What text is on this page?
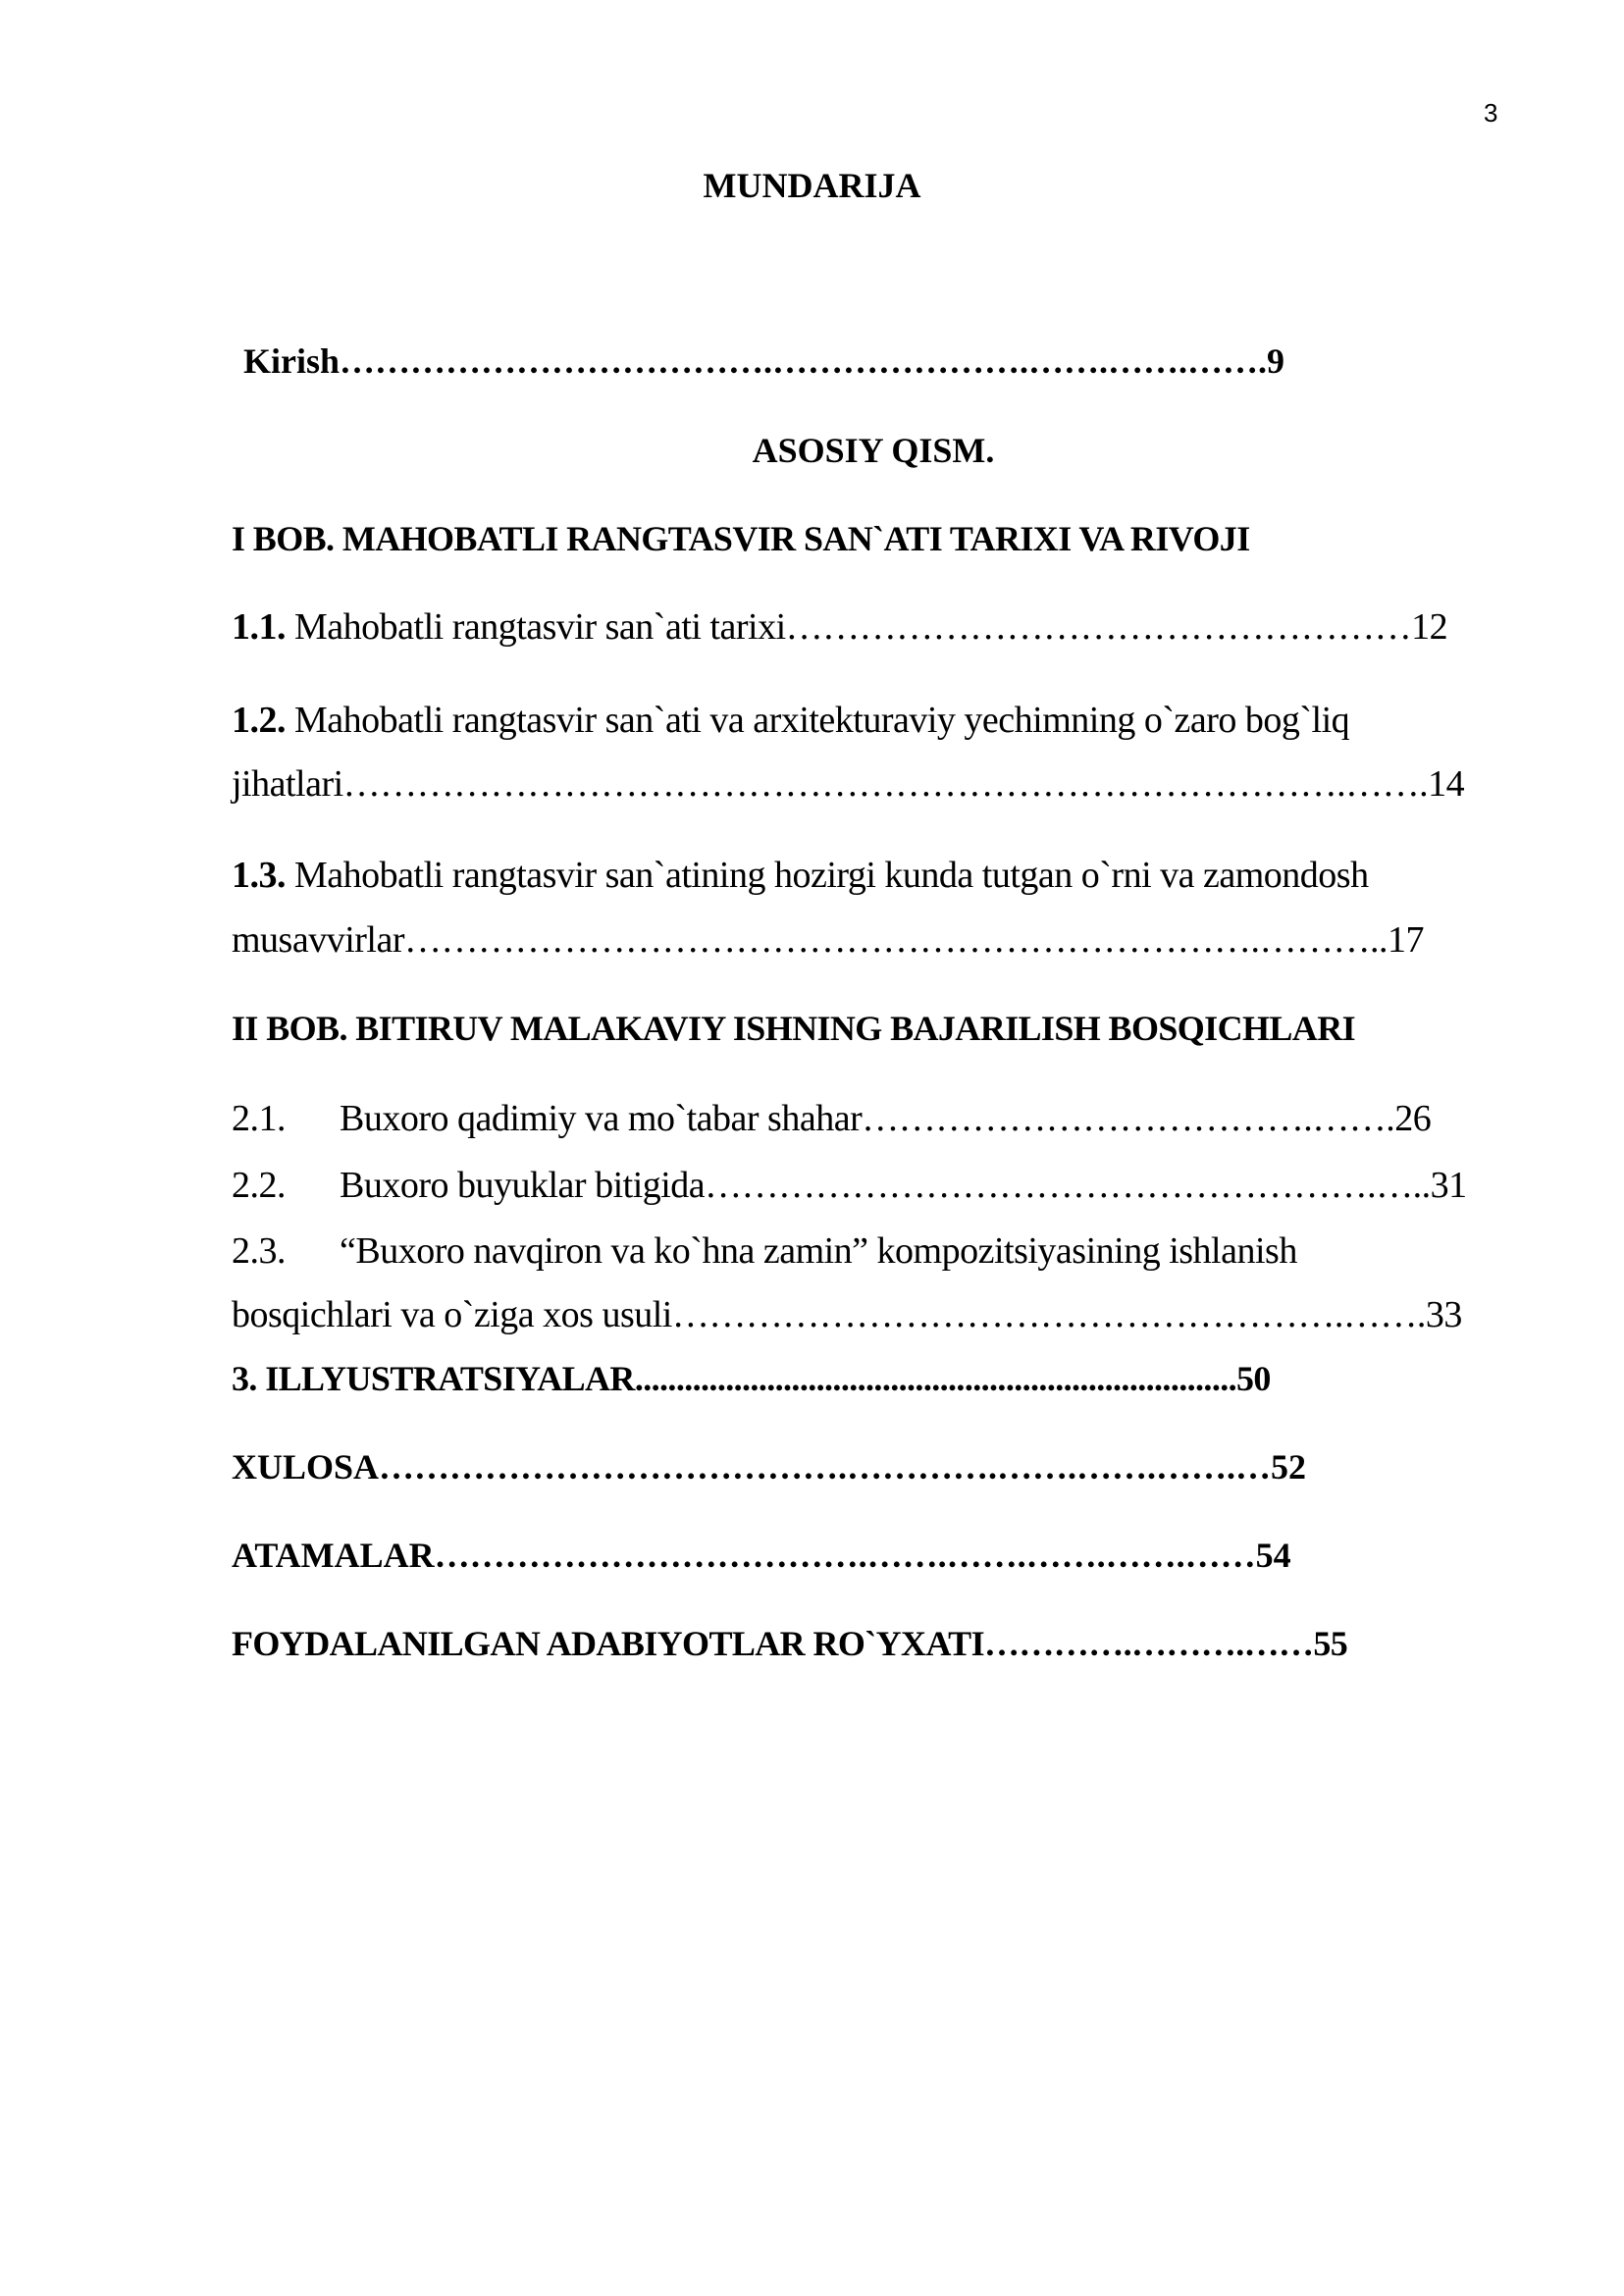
3
MUNDARIJA
Kirish……………………………….………………….…….…….…….9
ASOSIY QISM.
I BOB. MAHOBATLI RANGTASVIR SAN`ATI TARIXI VA RIVOJI
1.1. Mahobatli rangtasvir san`ati tarixi……………………………………………12
1.2. Mahobatli rangtasvir san`ati va arxitekturaviy yechimning o`zaro bog`liq
jihatlari……………………………………………………………………….…….14
1.3. Mahobatli rangtasvir san`atining hozirgi kunda tutgan o`rni va zamondosh
musavvirlar…………………………………………………………….………..17
II BOB. BITIRUV MALAKAVIY ISHNING BAJARILISH BOSQICHLARI
2.1. Buxoro qadimiy va mo`tabar shahar……………………………….…….26
2.2. Buxoro buyuklar bitigida……………………………………………….…..31
2.3. “Buxoro navqiron va ko`hna zamin” kompozitsiyasining ishlanish
bosqichlari va o`ziga xos usuli……………………………………………….…….33
3. ILLYUSTRATSIYALAR.........................................................................50
XULOSA………………………………….………….…….…….…….…52
ATAMALAR……………………………….…….…….…….…….……54
FOYDALANILGAN ADABIYOTLAR RO`YXATI………….……….……55
